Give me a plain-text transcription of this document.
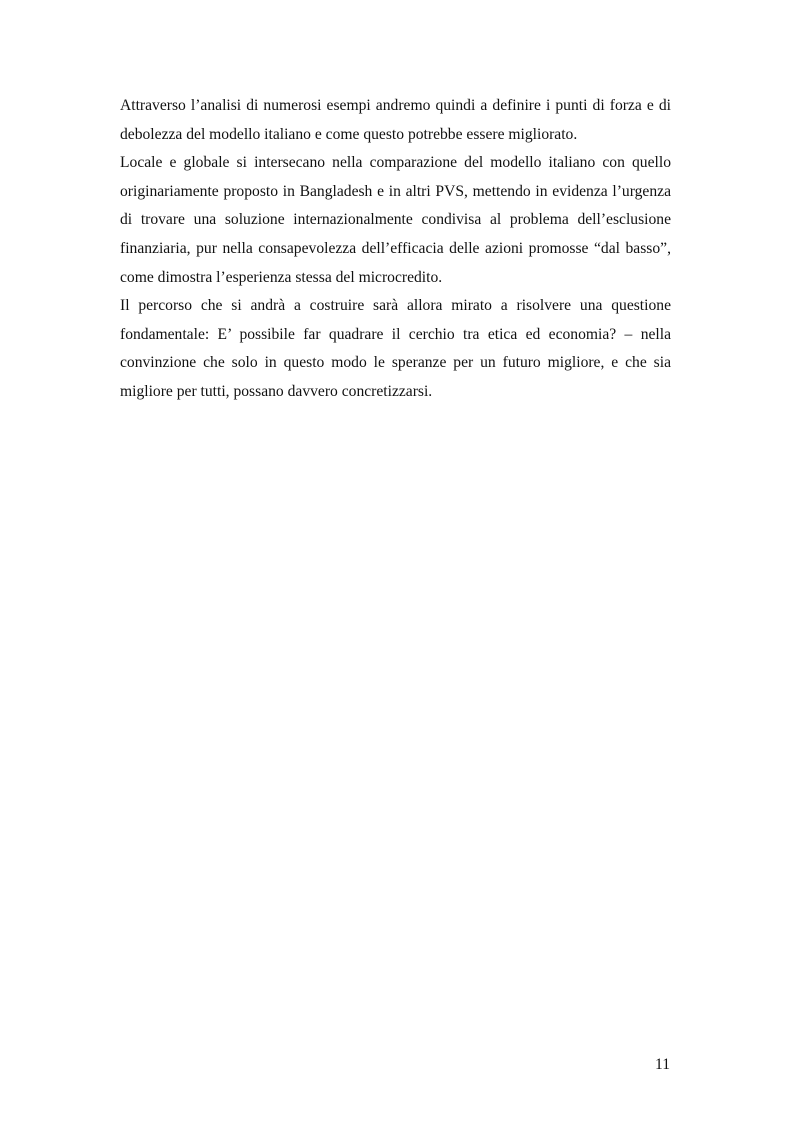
Attraverso l’analisi di numerosi esempi andremo quindi a definire i punti di forza e di debolezza del modello italiano e come questo potrebbe essere migliorato.

Locale e globale si intersecano nella comparazione del modello italiano con quello originariamente proposto in Bangladesh e in altri PVS, mettendo in evidenza l’urgenza di trovare una soluzione internazionalmente condivisa al problema dell’esclusione finanziaria, pur nella consapevolezza dell’efficacia delle azioni promosse “dal basso”, come dimostra l’esperienza stessa del microcredito.

Il percorso che si andrà a costruire sarà allora mirato a risolvere una questione fondamentale: E’ possibile far quadrare il cerchio tra etica ed economia? – nella convinzione che solo in questo modo le speranze per un futuro migliore, e che sia migliore per tutti, possano davvero concretizzarsi.

11
